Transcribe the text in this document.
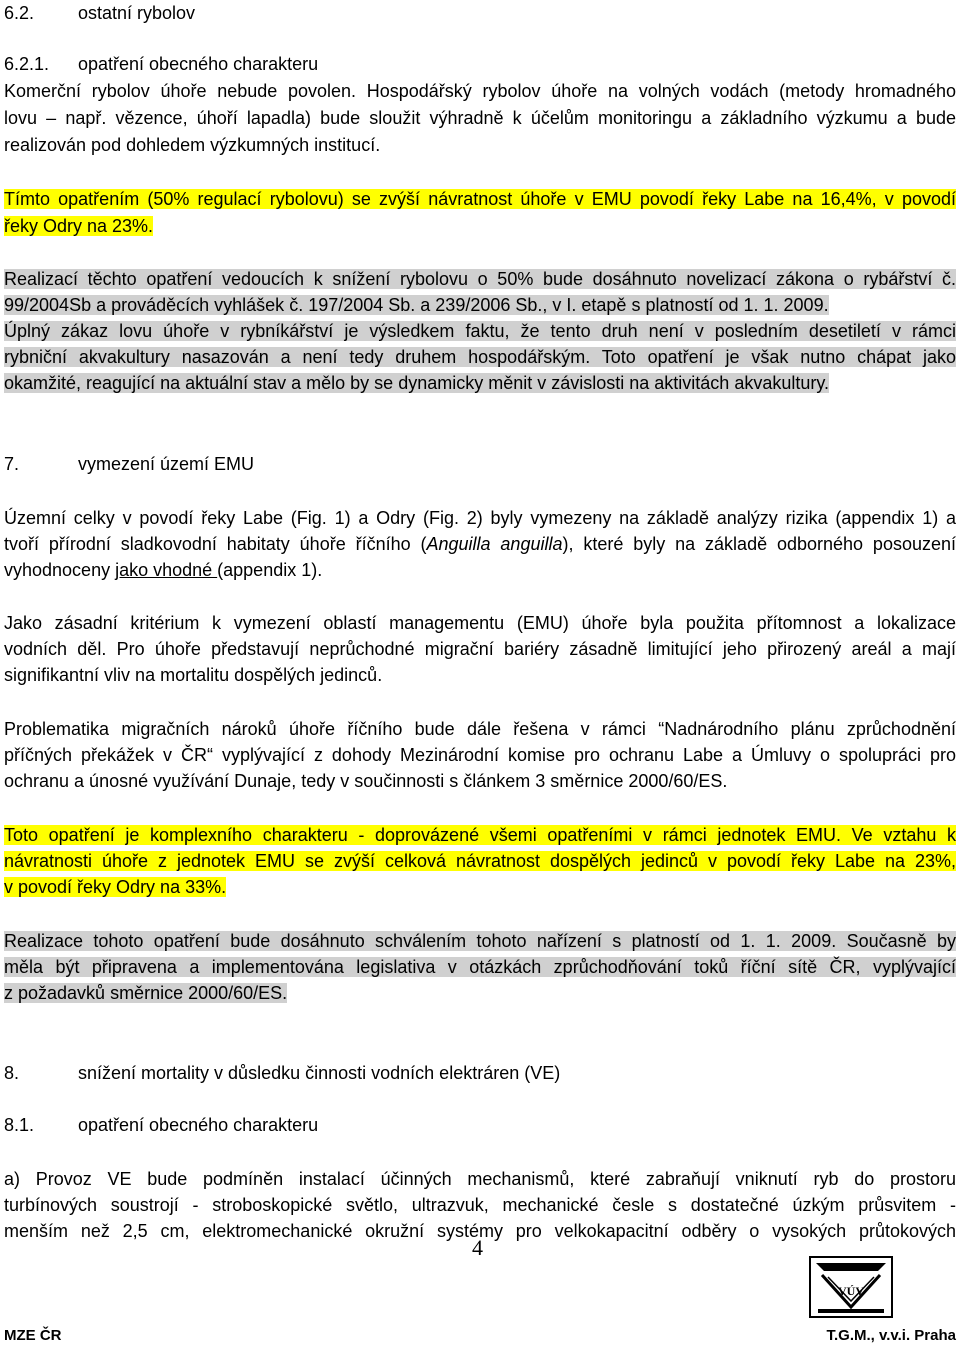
6.2. ostatní rybolov
6.2.1. opatření obecného charakteru
Komerční rybolov úhoře nebude povolen. Hospodářský rybolov úhoře na volných vodách (metody hromadného
lovu – např. vězence, úhoří lapadla) bude sloužit výhradně k účelům monitoringu a základního výzkumu a bude
realizován pod dohledem výzkumných institucí.
Tímto opatřením (50% regulací rybolovu) se zvýší návratnost úhoře v EMU povodí řeky Labe na 16,4%, v povodí
řeky Odry na 23%.
Realizací těchto opatření vedoucích k snížení rybolovu o 50% bude dosáhnuto novelizací zákona o rybářství č.
99/2004Sb a prováděcích vyhlášek č. 197/2004 Sb. a 239/2006 Sb., v I. etapě s platností od 1. 1. 2009.
Úplný zákaz lovu úhoře v rybníkářství je výsledkem faktu, že tento druh není v posledním desetiletí v rámci
rybniční akvakultury nasazován a není tedy druhem hospodářským. Toto opatření je však nutno chápat jako
okamžité, reagující na aktuální stav a mělo by se dynamicky měnit v závislosti na aktivitách akvakultury.
7.	vymezení území EMU
Územní celky v povodí řeky Labe (Fig. 1) a Odry (Fig. 2) byly vymezeny na základě analýzy rizika (appendix 1) a
tvoří přírodní sladkovodní habitaty úhoře říčního (Anguilla anguilla), které byly na základě odborného posouzení
vyhodnoceny jako vhodné (appendix 1).
Jako zásadní kritérium k vymezení oblastí managementu (EMU) úhoře byla použita přítomnost a lokalizace
vodních děl. Pro úhoře představují neprůchodné migrační bariéry zásadně limitující jeho přirozený areál a mají
signifikantní vliv na mortalitu dospělých jedinců.
Problematika migračních nároků úhoře říčního bude dále řešena v rámci “Nadnárodního plánu zprůchodnění
příčných překážek v ČR“ vyplývající z dohody Mezinárodní komise pro ochranu Labe a Úmluvy o spolupráci pro
ochranu a únosné využívání Dunaje, tedy v součinnosti s článkem 3 směrnice 2000/60/ES.
Toto opatření je komplexního charakteru - doprovázené všemi opatřeními v rámci jednotek EMU. Ve vztahu k
návratnosti úhoře z jednotek EMU se zvýší celková návratnost dospělých jedinců v povodí řeky Labe na 23%,
v povodí řeky Odry na 33%.
Realizace tohoto opatření bude dosáhnuto schválením tohoto nařízení s platností od 1. 1. 2009. Současně by
měla být připravena a implementována legislativa v otázkách zprůchodňování toků říční sítě ČR, vyplývající
z požadavků směrnice 2000/60/ES.
8.	snížení mortality v důsledku činnosti vodních elektráren (VE)
8.1. opatření obecného charakteru
a) Provoz VE bude podmíněn instalací účinných mechanismů, které zabraňují vniknutí ryb do prostoru
turbínových soustrojí - stroboskopické světlo, ultrazvuk, mechanické česle s dostatečné úzkým průsvitem -
menším než 2,5 cm, elektromechanické okružní systémy pro velkokapacitní odběry o vysokých průtokových
4
VÚV
MZE ČR	T.G.M., v.v.i. Praha
